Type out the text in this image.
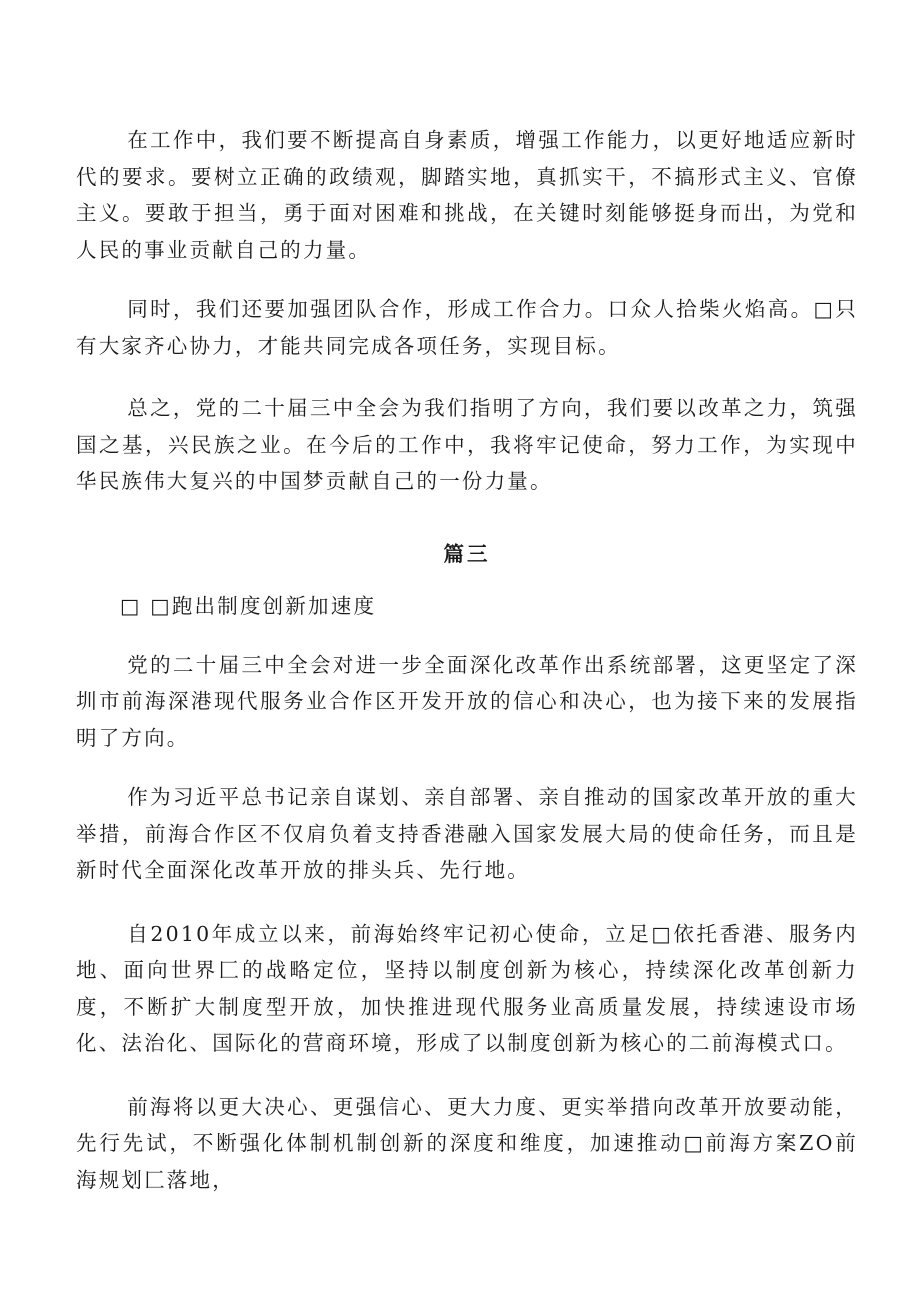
在工作中，我们要不断提高自身素质，增强工作能力，以更好地适应新时代的要求。要树立正确的政绩观，脚踏实地，真抓实干，不搞形式主义、官僚主义。要敢于担当，勇于面对困难和挑战，在关键时刻能够挺身而出，为党和人民的事业贡献自己的力量。

同时，我们还要加强团队合作，形成工作合力。口众人拾柴火焰高。□只有大家齐心协力，才能共同完成各项任务，实现目标。

总之，党的二十届三中全会为我们指明了方向，我们要以改革之力，筑强国之基，兴民族之业。在今后的工作中，我将牢记使命，努力工作，为实现中华民族伟大复兴的中国梦贡献自己的一份力量。

篇三

□ □跑出制度创新加速度

党的二十届三中全会对进一步全面深化改革作出系统部署，这更坚定了深圳市前海深港现代服务业合作区开发开放的信心和决心，也为接下来的发展指明了方向。

作为习近平总书记亲自谋划、亲自部署、亲自推动的国家改革开放的重大举措，前海合作区不仅肩负着支持香港融入国家发展大局的使命任务，而且是新时代全面深化改革开放的排头兵、先行地。

自2010年成立以来，前海始终牢记初心使命，立足□依托香港、服务内地、面向世界匚的战略定位，坚持以制度创新为核心，持续深化改革创新力度，不断扩大制度型开放，加快推进现代服务业高质量发展，持续速设市场化、法治化、国际化的营商环境，形成了以制度创新为核心的二前海模式口。

前海将以更大决心、更强信心、更大力度、更实举措向改革开放要动能，先行先试，不断强化体制机制创新的深度和维度，加速推动□前海方案ZO前海规划匚落地，
